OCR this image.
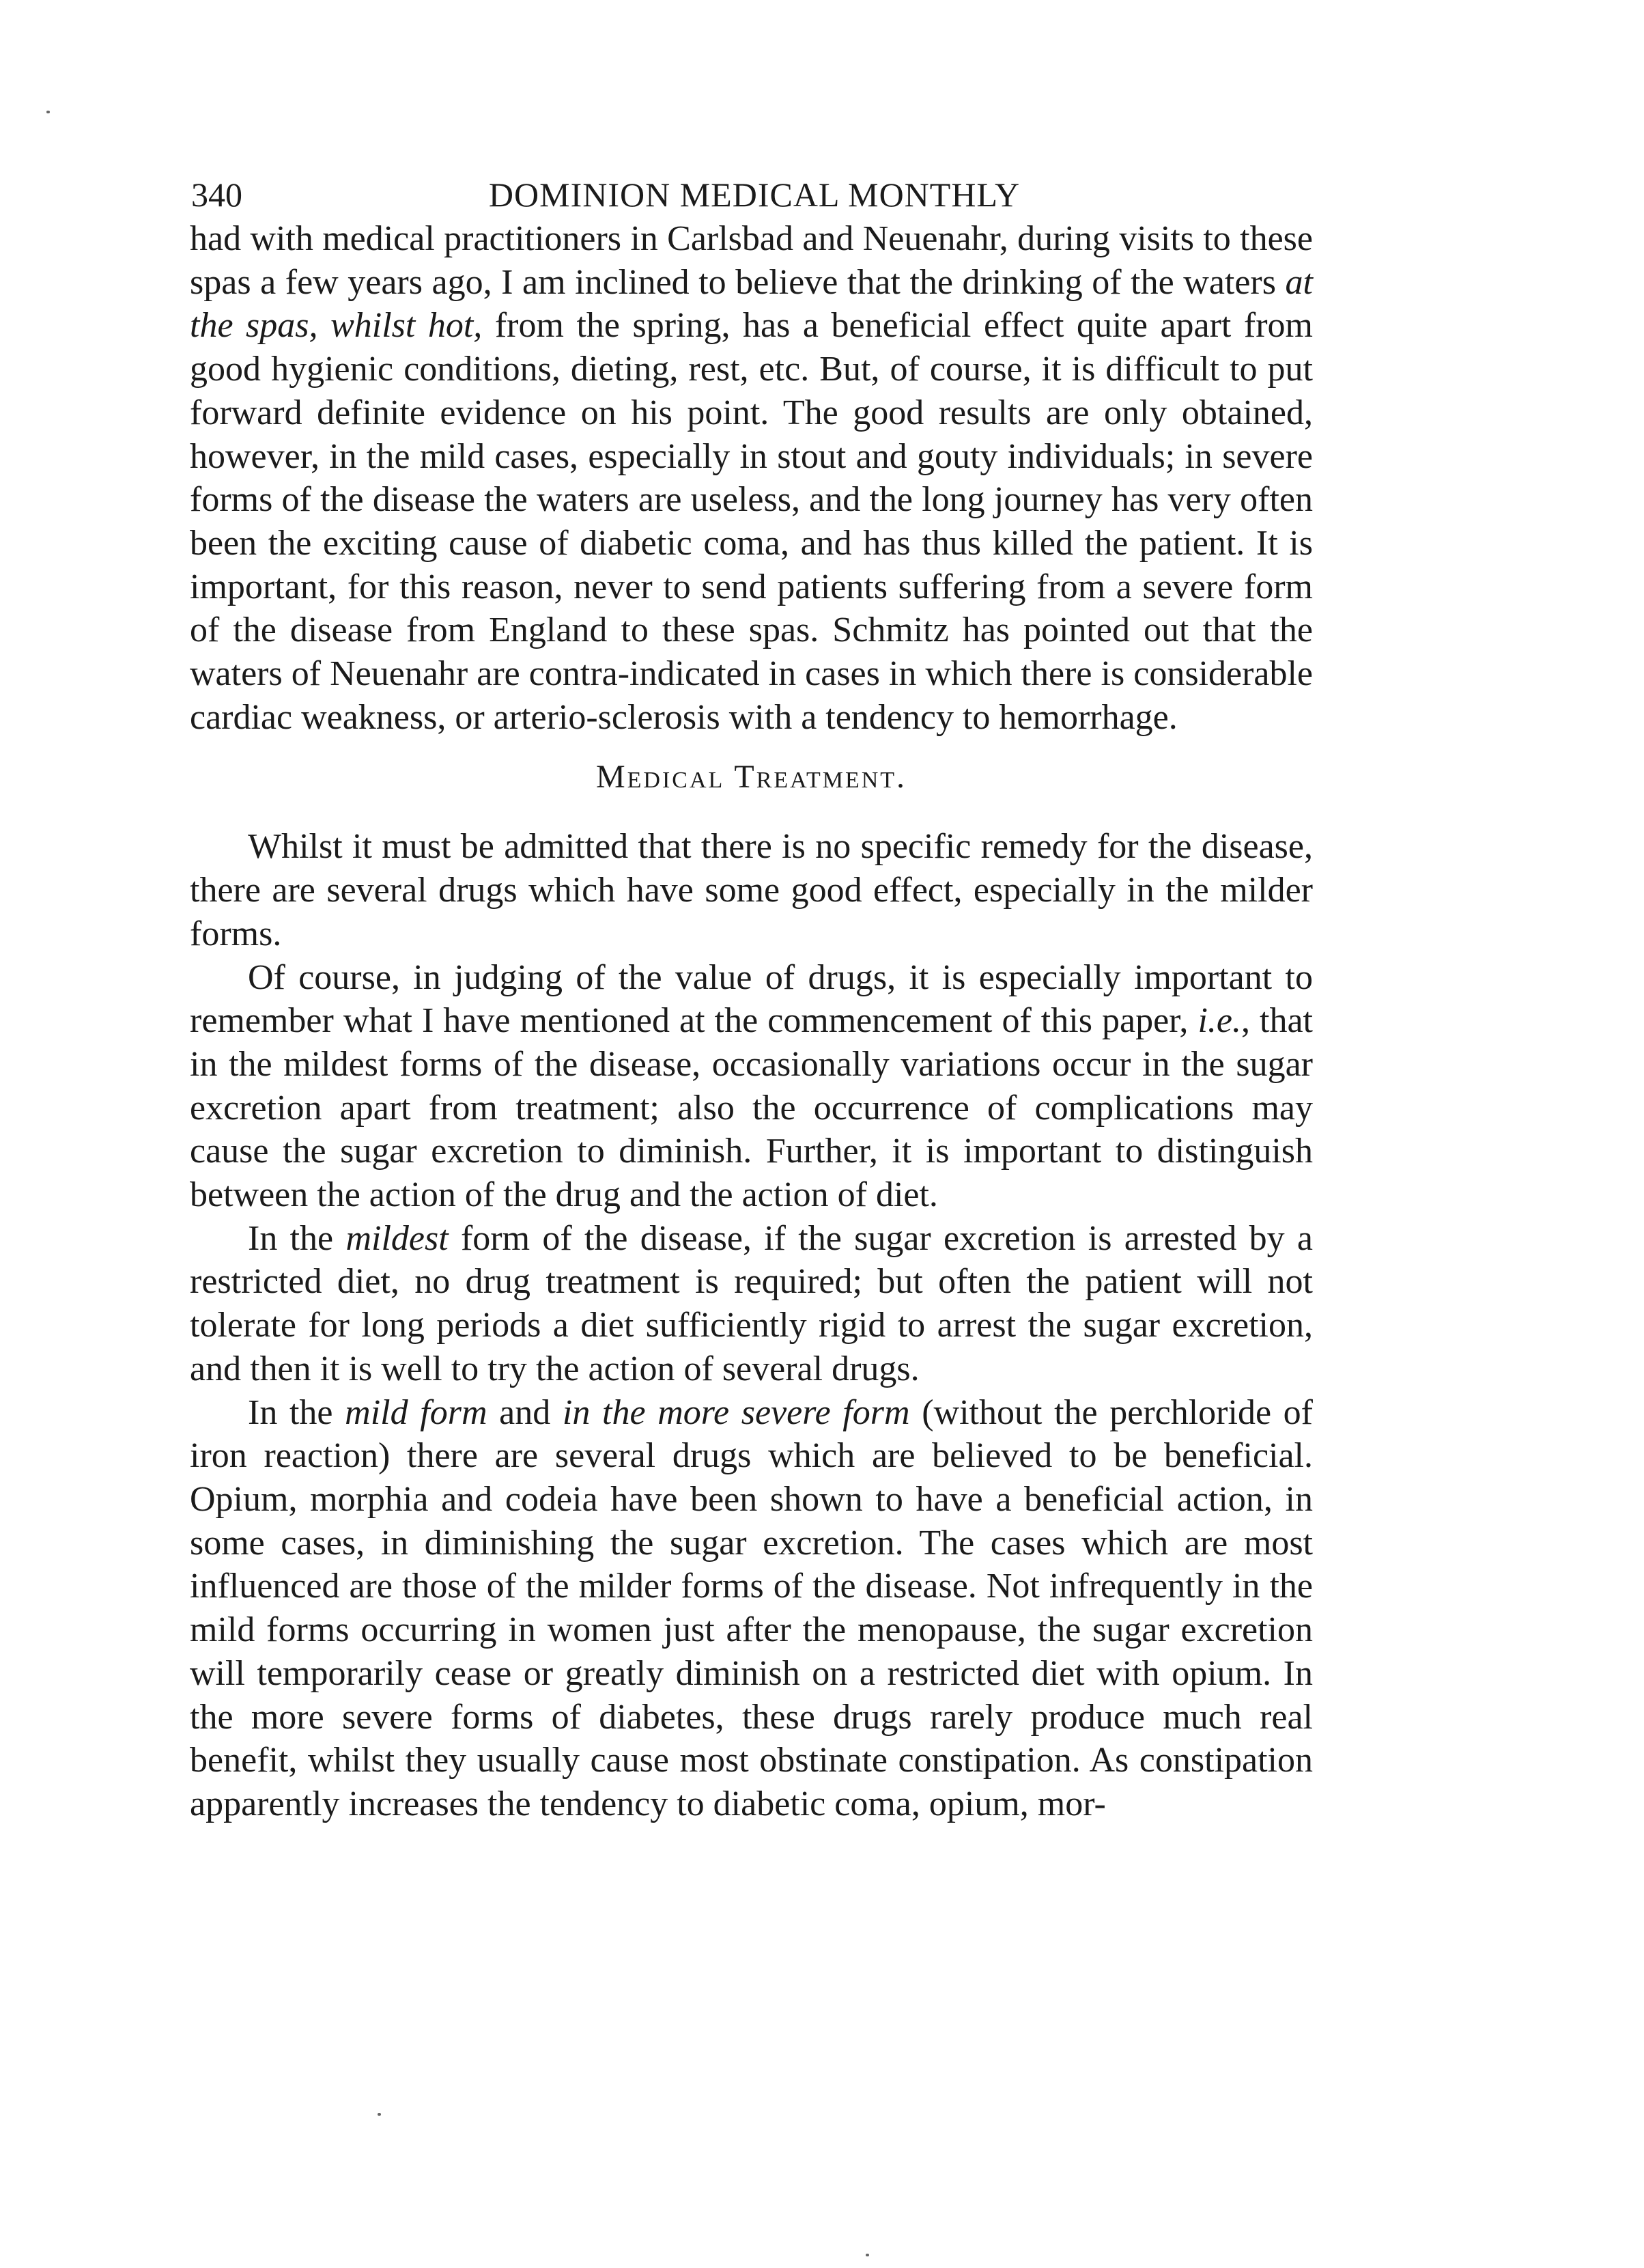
340	DOMINION MEDICAL MONTHLY

had with medical practitioners in Carlsbad and Neuenahr, during visits to these spas a few years ago, I am inclined to believe that the drinking of the waters at the spas, whilst hot, from the spring, has a beneficial effect quite apart from good hygienic conditions, dieting, rest, etc. But, of course, it is difficult to put forward definite evidence on his point. The good results are only obtained, however, in the mild cases, especially in stout and gouty individuals; in severe forms of the disease the waters are useless, and the long journey has very often been the exciting cause of diabetic coma, and has thus killed the patient. It is important, for this reason, never to send patients suffering from a severe form of the disease from England to these spas. Schmitz has pointed out that the waters of Neuenahr are contra-indicated in cases in which there is considerable cardiac weakness, or arterio-sclerosis with a tendency to hemorrhage.

Medical Treatment.

Whilst it must be admitted that there is no specific remedy for the disease, there are several drugs which have some good effect, especially in the milder forms.

Of course, in judging of the value of drugs, it is especially important to remember what I have mentioned at the commencement of this paper, i.e., that in the mildest forms of the disease, occasionally variations occur in the sugar excretion apart from treatment; also the occurrence of complications may cause the sugar excretion to diminish. Further, it is important to distinguish between the action of the drug and the action of diet.

In the mildest form of the disease, if the sugar excretion is arrested by a restricted diet, no drug treatment is required; but often the patient will not tolerate for long periods a diet sufficiently rigid to arrest the sugar excretion, and then it is well to try the action of several drugs.

In the mild form and in the more severe form (without the perchloride of iron reaction) there are several drugs which are believed to be beneficial. Opium, morphia and codeia have been shown to have a beneficial action, in some cases, in diminishing the sugar excretion. The cases which are most influenced are those of the milder forms of the disease. Not infrequently in the mild forms occurring in women just after the menopause, the sugar excretion will temporarily cease or greatly diminish on a restricted diet with opium. In the more severe forms of diabetes, these drugs rarely produce much real benefit, whilst they usually cause most obstinate constipation. As constipation apparently increases the tendency to diabetic coma, opium, mor-
